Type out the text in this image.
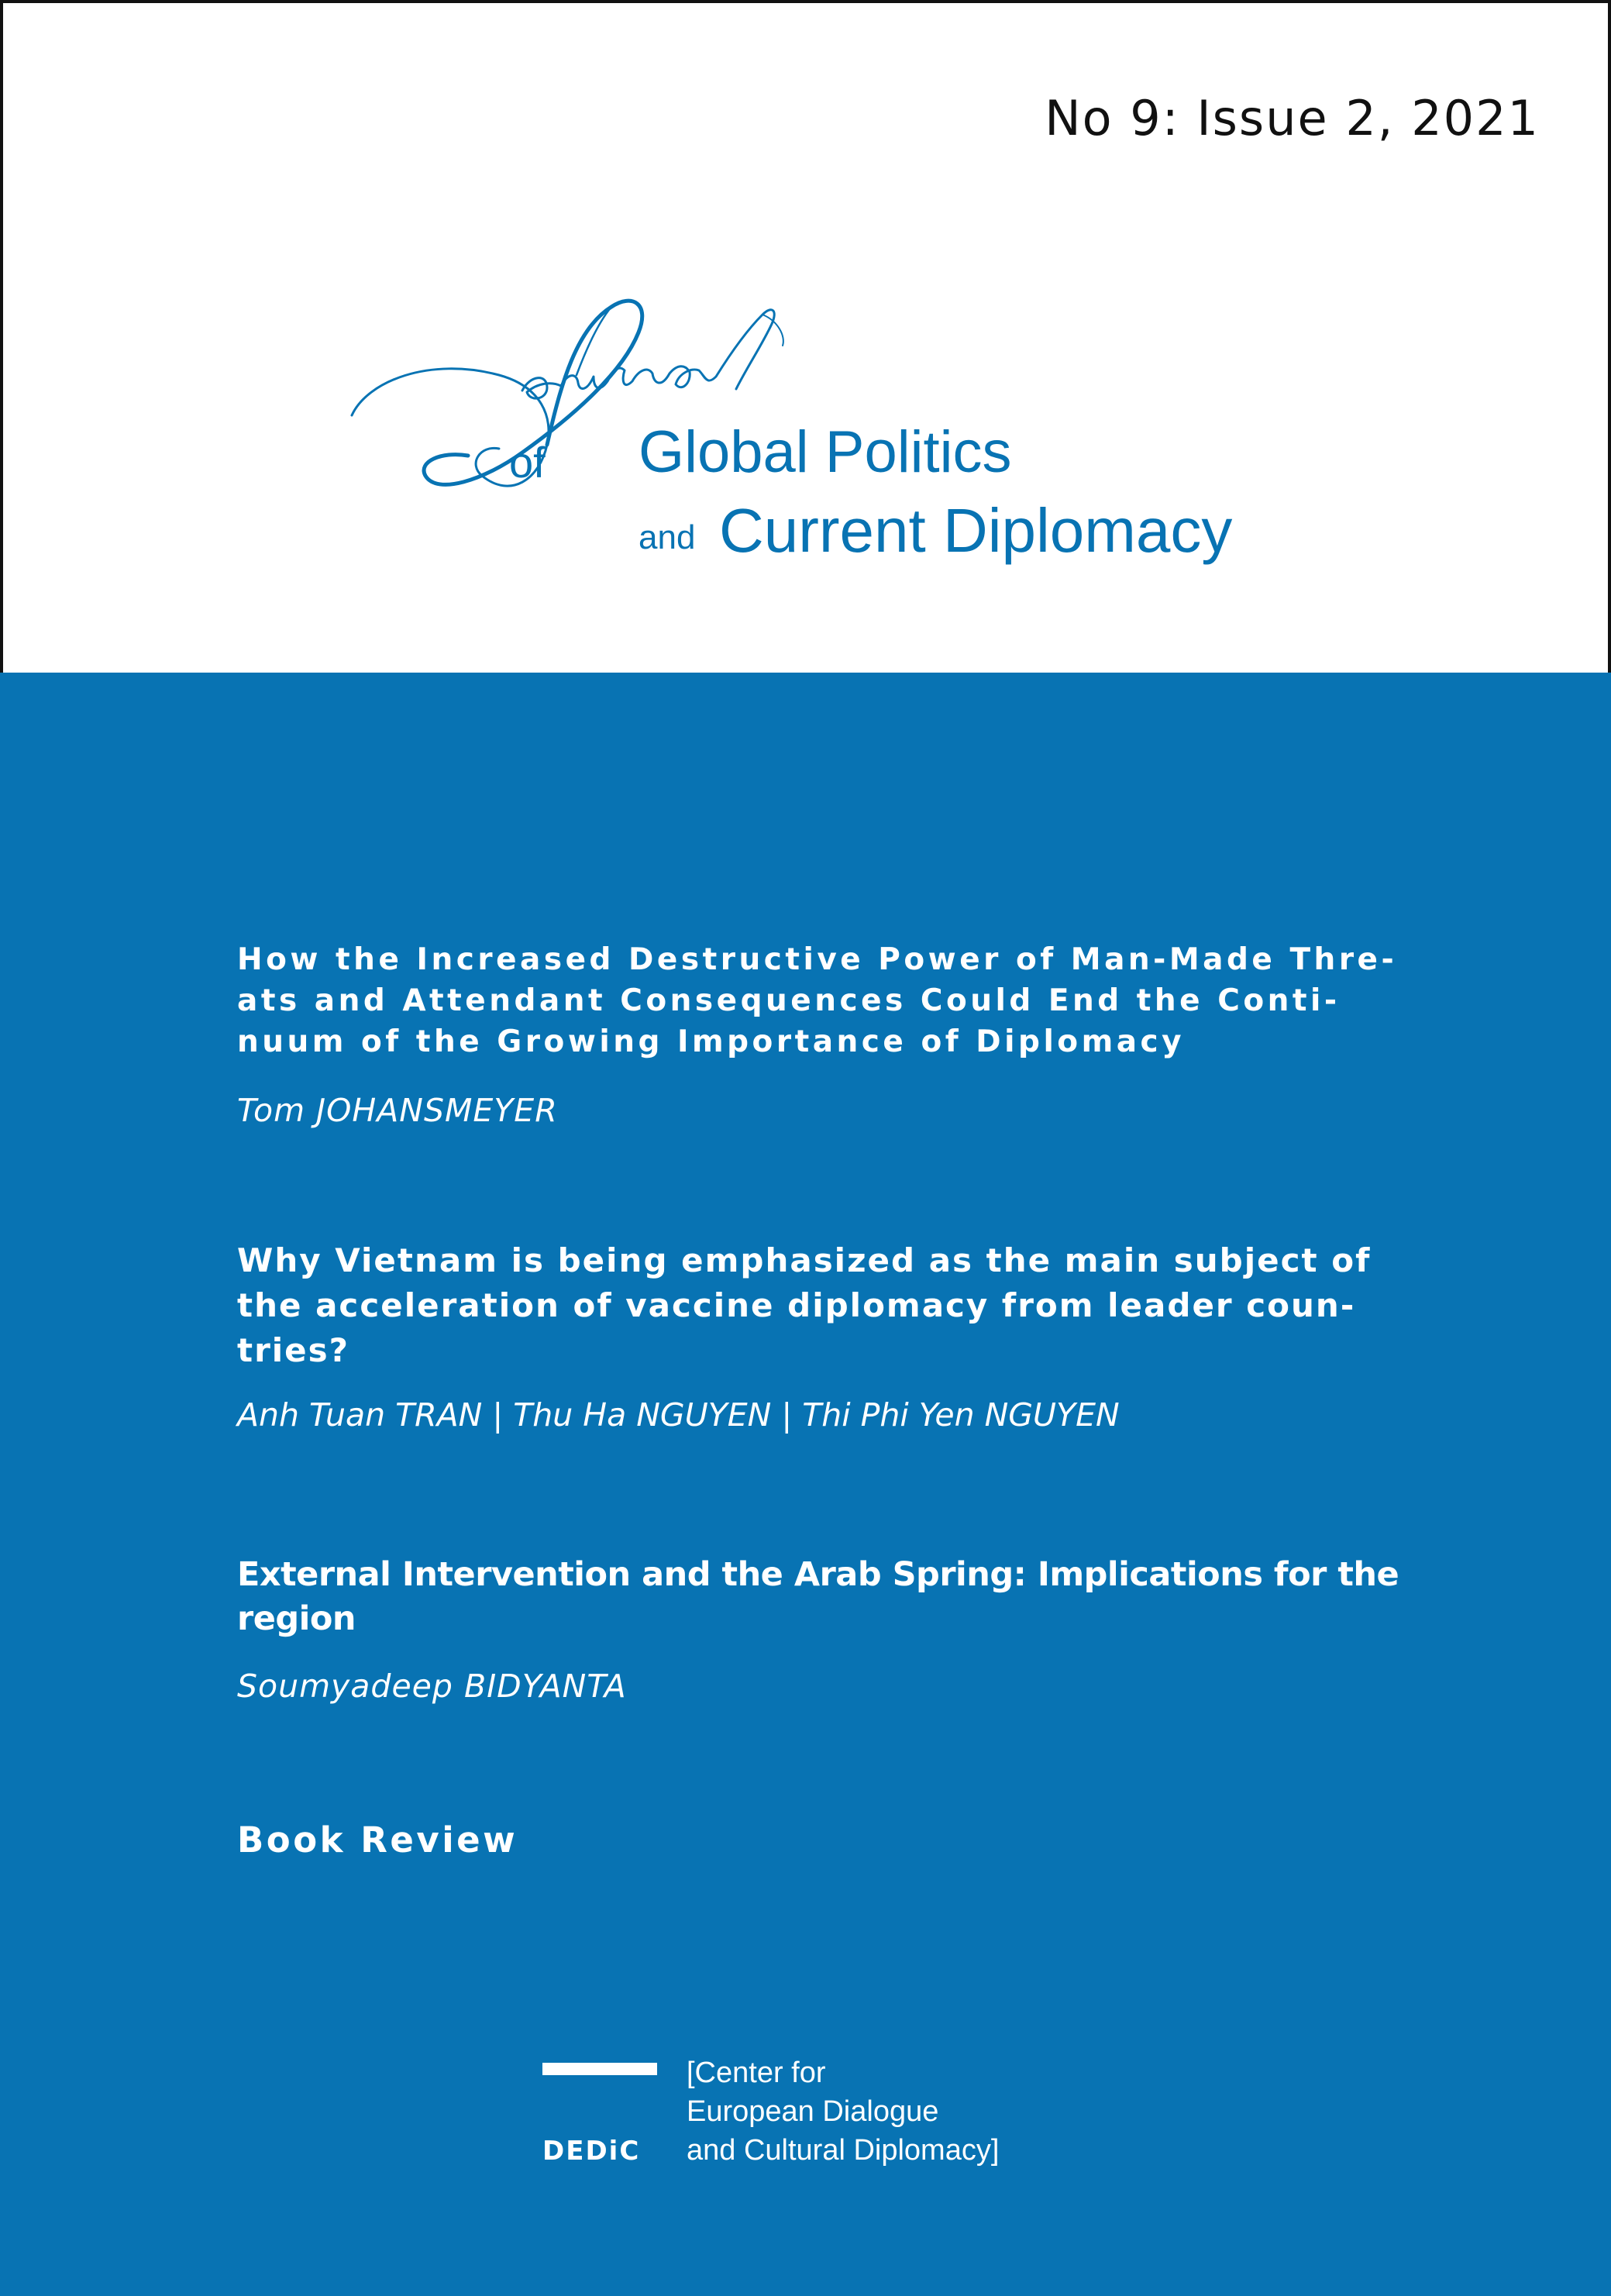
No 9: Issue 2, 2021
of Global Politics
and Current Diplomacy

How the Increased Destructive Power of Man-Made Thre-ats and Attendant Consequences Could End the Conti-nuum of the Growing Importance of Diplomacy

Tom JOHANSMEYER

Why Vietnam is being emphasized as the main subject of the acceleration of vaccine diplomacy from leader coun-tries?

Anh Tuan TRAN | Thu Ha NGUYEN | Thi Phi Yen NGUYEN

External Intervention and the Arab Spring: Implications for the region

Soumyadeep BIDYANTA

Book Review

DEDiC
[Center for
European Dialogue
and Cultural Diplomacy]
